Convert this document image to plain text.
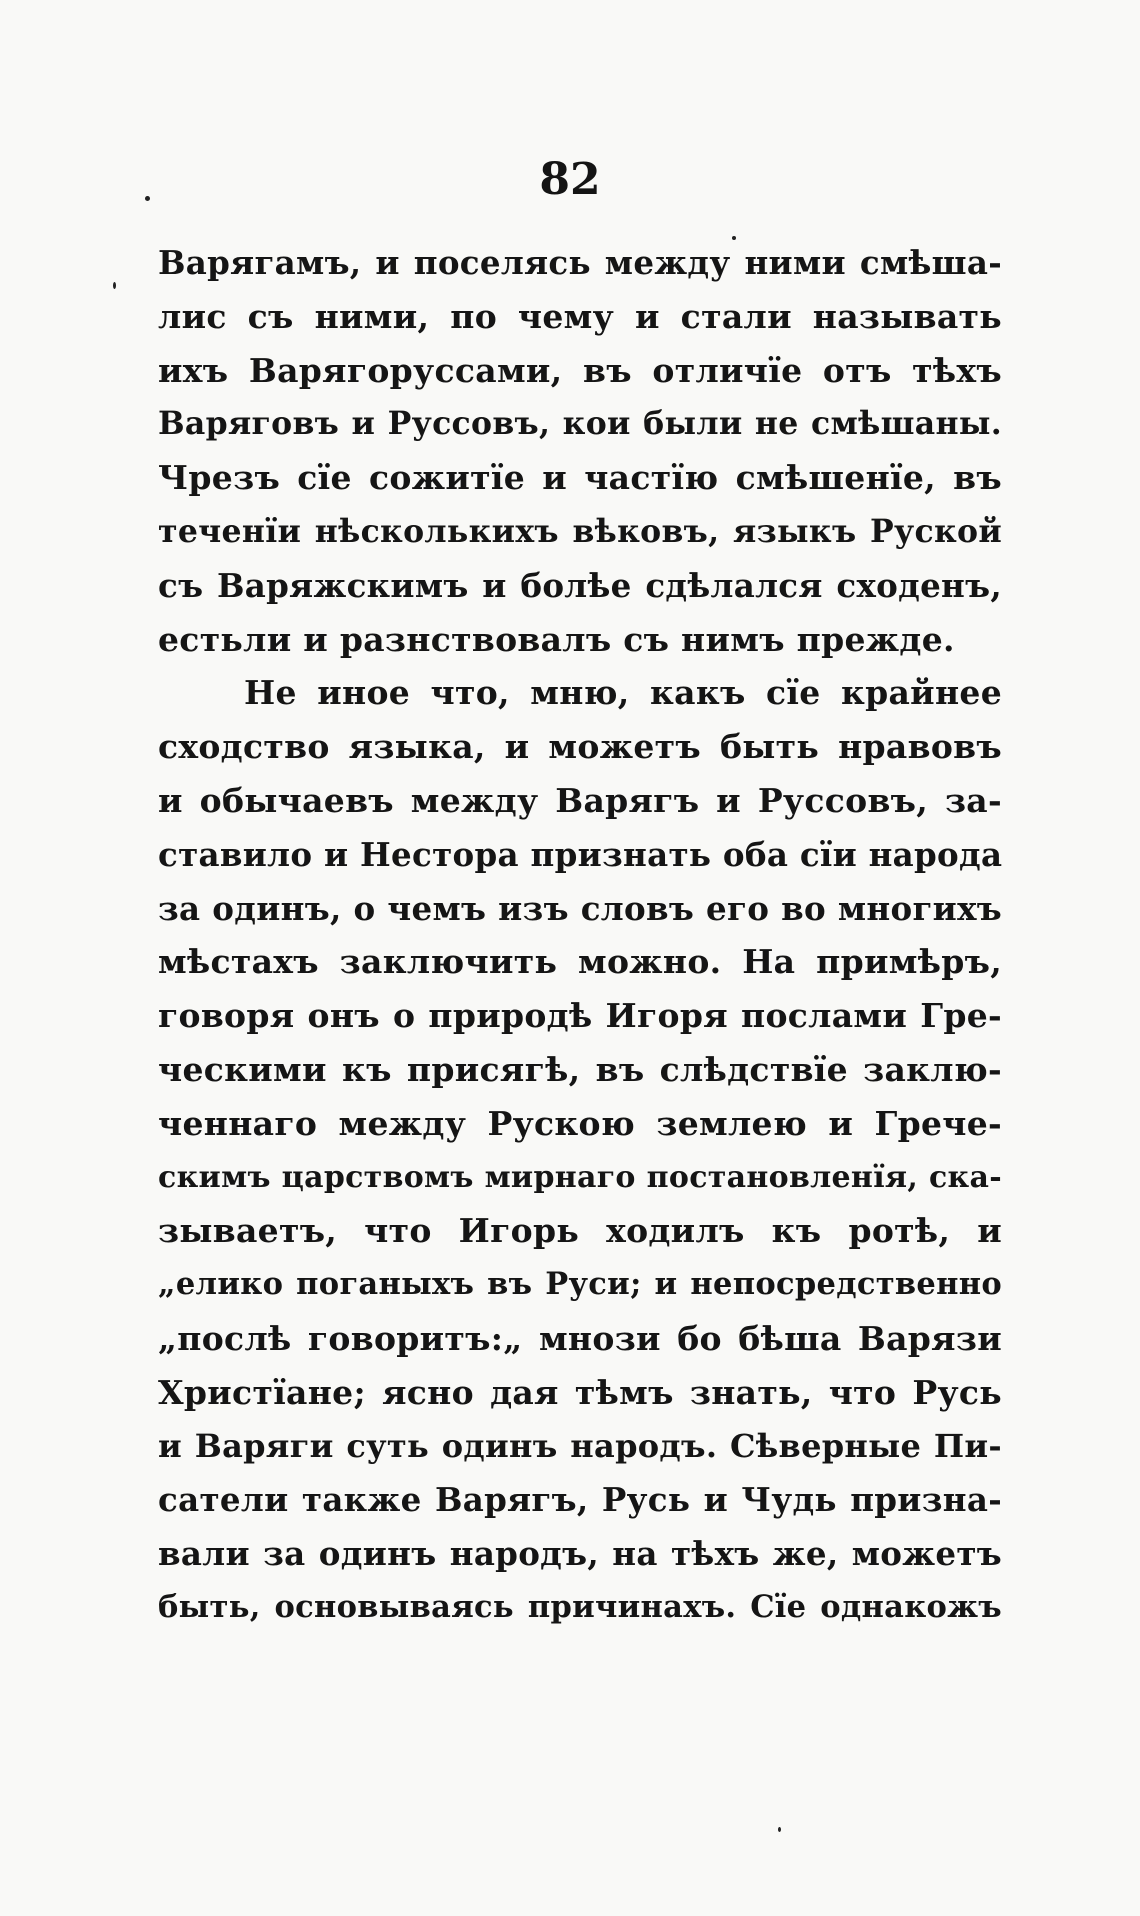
82
Варягамъ, и поселясь между ними смѣша-
лис съ ними, по чему и стали называть
ихъ Варягоруссами, въ отличїе отъ тѣхъ
Варяговъ и Руссовъ, кои были не смѣшаны.
Чрезъ сїе сожитїе и частїю смѣшенїе, въ
теченїи нѣсколькихъ вѣковъ, языкъ Руской
съ Варяжскимъ и болѣе сдѣлался сходенъ,
естьли и разнствовалъ съ нимъ прежде.
Не иное что, мню, какъ сїе крайнее
сходство языка, и можетъ быть нравовъ
и обычаевъ между Варягъ и Руссовъ, за-
ставило и Нестора признать оба сїи народа
за одинъ, о чемъ изъ словъ его во многихъ
мѣстахъ заключить можно. На примѣръ,
говоря онъ о природѣ Игоря послами Гре-
ческими къ присягѣ, въ слѣдствїе заклю-
ченнаго между Рускою землею и Грече-
скимъ царствомъ мирнаго постановленїя, ска-
зываетъ, что Игорь ходилъ къ ротѣ, и
„елико поганыхъ въ Руси; и непосредственно
„послѣ говоритъ:„ мнози бо бѣша Варязи
Христїане; ясно дая тѣмъ знать, что Русь
и Варяги суть одинъ народъ. Сѣверные Пи-
сатели также Варягъ, Русь и Чудь призна-
вали за одинъ народъ, на тѣхъ же, можетъ
быть, основываясь причинахъ. Сїе однакожъ
